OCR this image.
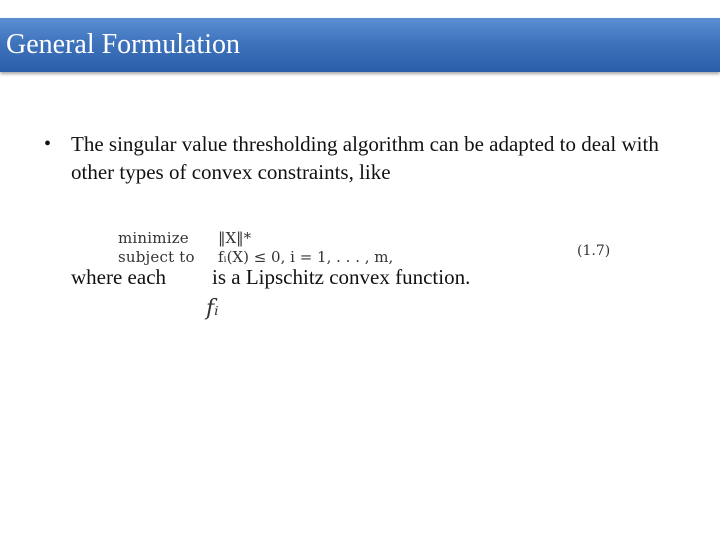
General Formulation
• The singular value thresholding algorithm can be adapted to deal with other types of convex constraints, like
minimize
subject to
‖X‖*
fᵢ(X) ≤ 0, i = 1, . . . , m,	(1.7)
where each is a Lipschitz convex function.
fᵢ
